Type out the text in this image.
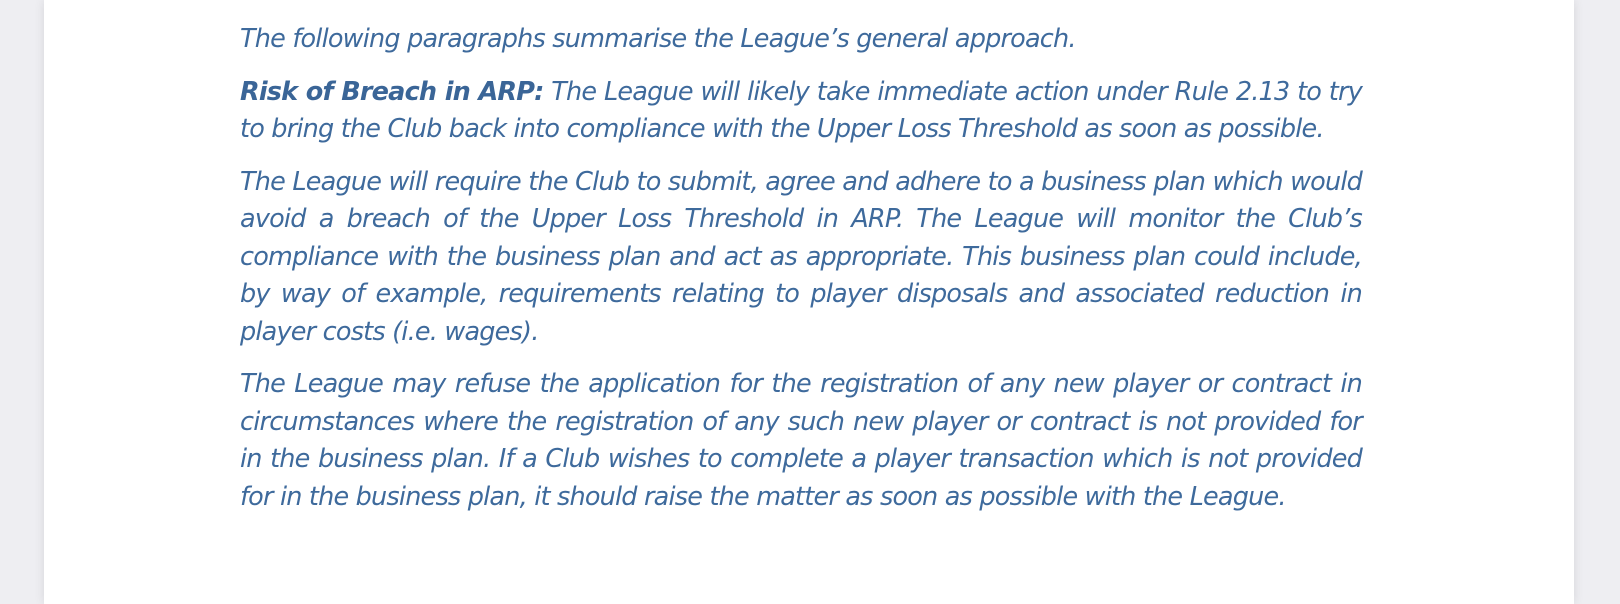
The following paragraphs summarise the League’s general approach.

Risk of Breach in ARP: The League will likely take immediate action under Rule 2.13 to try to bring the Club back into compliance with the Upper Loss Threshold as soon as possible.

The League will require the Club to submit, agree and adhere to a business plan which would avoid a breach of the Upper Loss Threshold in ARP. The League will monitor the Club’s compliance with the business plan and act as appropriate. This business plan could include, by way of example, requirements relating to player disposals and associated reduction in player costs (i.e. wages).

The League may refuse the application for the registration of any new player or contract in circumstances where the registration of any such new player or contract is not provided for in the business plan. If a Club wishes to complete a player transaction which is not provided for in the business plan, it should raise the matter as soon as possible with the League.
